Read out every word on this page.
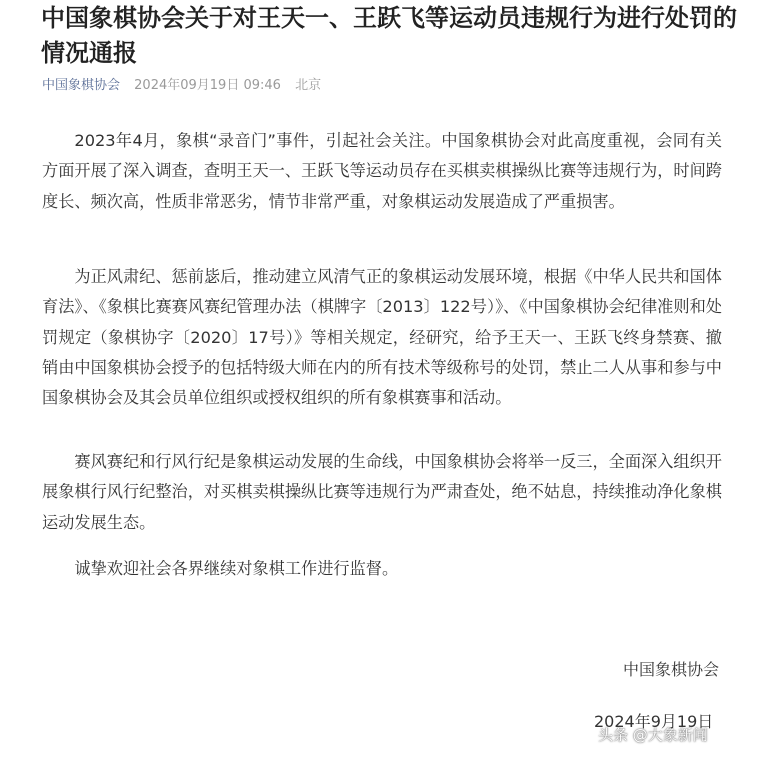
中国象棋协会关于对王天一、王跃飞等运动员违规行为进行处罚的情况通报
中国象棋协会 2024年09月19日 09:46 北京

2023年4月，象棋“录音门”事件，引起社会关注。中国象棋协会对此高度重视，会同有关方面开展了深入调查，查明王天一、王跃飞等运动员存在买棋卖棋操纵比赛等违规行为，时间跨度长、频次高，性质非常恶劣，情节非常严重，对象棋运动发展造成了严重损害。

为正风肃纪、惩前毖后，推动建立风清气正的象棋运动发展环境，根据《中华人民共和国体育法》、《象棋比赛赛风赛纪管理办法（棋牌字〔2013〕122号）》、《中国象棋协会纪律准则和处罚规定（象棋协字〔2020〕17号）》等相关规定，经研究，给予王天一、王跃飞终身禁赛、撤销由中国象棋协会授予的包括特级大师在内的所有技术等级称号的处罚，禁止二人从事和参与中国象棋协会及其会员单位组织或授权组织的所有象棋赛事和活动。

赛风赛纪和行风行纪是象棋运动发展的生命线，中国象棋协会将举一反三，全面深入组织开展象棋行风行纪整治，对买棋卖棋操纵比赛等违规行为严肃查处，绝不姑息，持续推动净化象棋运动发展生态。

诚挚欢迎社会各界继续对象棋工作进行监督。

中国象棋协会
2024年9月19日
头条 @大象新闻
